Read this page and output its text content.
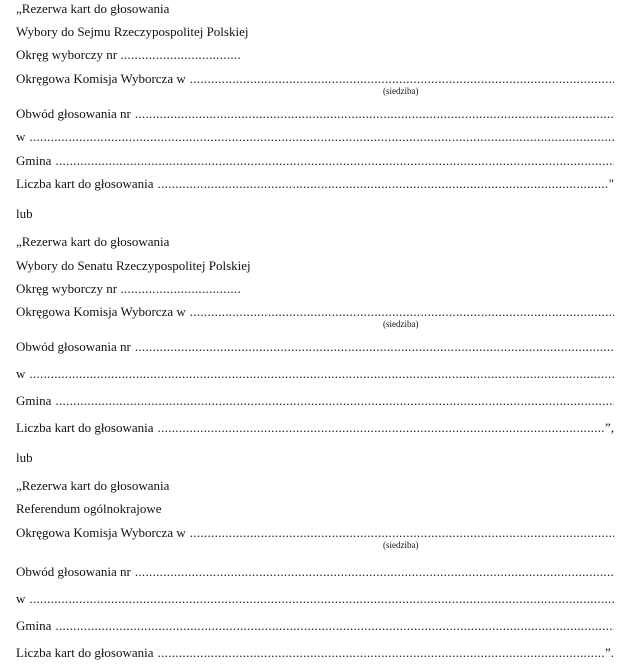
„Rezerwa kart do głosowania
Wybory do Sejmu Rzeczypospolitej Polskiej
Okręg wyborczy nr ..................................
Okręgowa Komisja Wyborcza w
.....
(siedziba)
Obwód głosowania nr
.....
w
.....
Gmina
.....
Liczba kart do głosowania .....	"
lub
„Rezerwa kart do głosowania
Wybory do Senatu Rzeczypospolitej Polskiej
Okręg wyborczy nr ..................................
Okręgowa Komisja Wyborcza w
.....
(siedziba)
Obwód głosowania nr
.....
w
.....
Gmina
.....
Liczba kart do głosowania .....	”,
lub
„Rezerwa kart do głosowania
Referendum ogólnokrajowe
Okręgowa Komisja Wyborcza w
.....
(siedziba)
Obwód głosowania nr
.....
w
.....
Gmina
.....
Liczba kart do głosowania .....	”.
